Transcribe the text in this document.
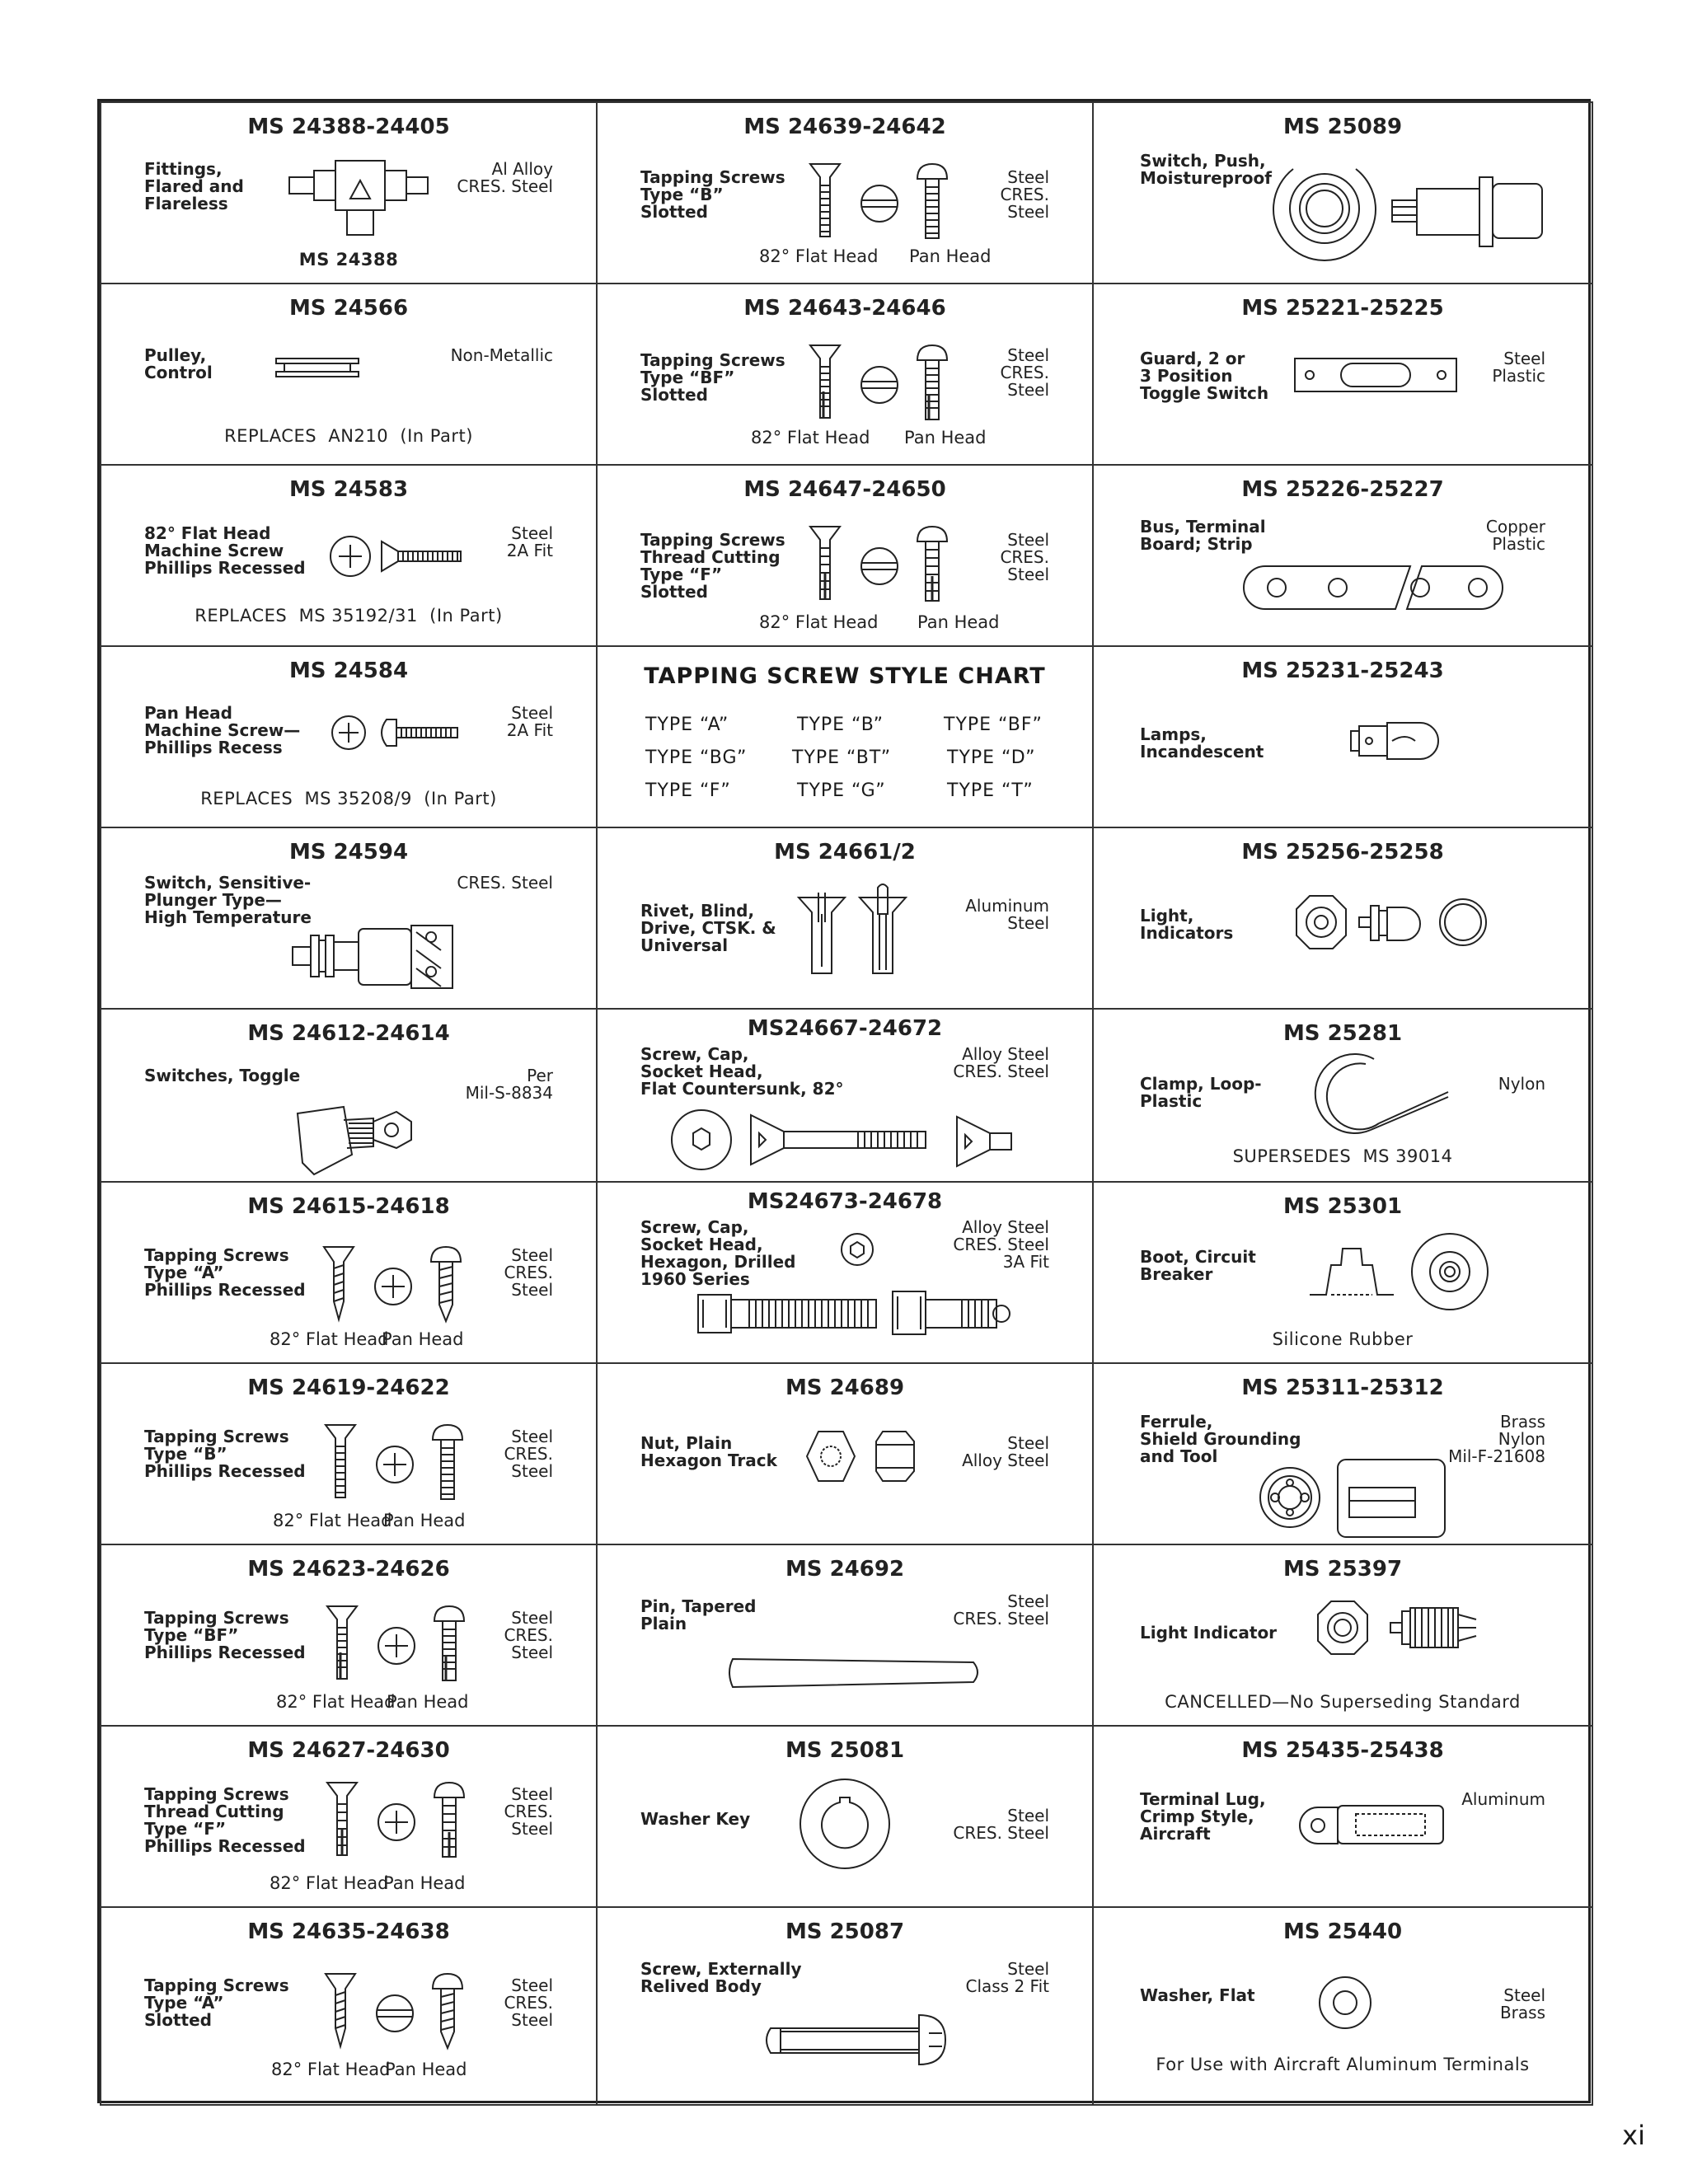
MS 24388-24405
Fittings,
Flared and
Flareless
Al Alloy
CRES. Steel
MS 24388
MS 24566
Pulley,
Control
Non-Metallic
REPLACES  AN210  (In Part)
MS 24583
82° Flat Head
Machine Screw
Phillips Recessed
Steel
2A Fit
REPLACES  MS 35192/31  (In Part)
MS 24584
Pan Head
Machine Screw—
Phillips Recess
Steel
2A Fit
REPLACES  MS 35208/9  (In Part)
MS 24594
Switch, Sensitive-
Plunger Type—
High Temperature
CRES. Steel
MS 24612-24614
Switches, Toggle	Per
Mil-S-8834
MS 24615-24618
Tapping Screws
Type “A”
Phillips Recessed
Steel
CRES.
Steel
82° Flat Head
Pan Head
MS 24619-24622
Tapping Screws
Type “B”
Phillips Recessed
Steel
CRES.
Steel
82° Flat Head
Pan Head
MS 24623-24626
Tapping Screws
Type “BF”
Phillips Recessed
Steel
CRES.
Steel
82° Flat Head
Pan Head
MS 24627-24630
Tapping Screws
Thread Cutting
Type “F”
Phillips Recessed
Steel
CRES.
Steel
82° Flat Head
Pan Head
MS 24635-24638
Tapping Screws
Type “A”
Slotted
Steel
CRES.
Steel
82° Flat Head
Pan Head
MS 24639-24642
Tapping Screws
Type “B”
Slotted
Steel
CRES.
Steel
82° Flat Head Pan Head
MS 24643-24646
Tapping Screws
Type “BF”
Slotted
Steel
CRES.
Steel
82° Flat Head Pan Head
MS 24647-24650
Tapping Screws
Thread Cutting
Type “F”
Slotted
Steel
CRES.
Steel
82° Flat Head Pan Head
TAPPING SCREW STYLE CHART
TYPE “A”	TYPE “B”	TYPE “BF”
TYPE “BG” TYPE “BT”	TYPE “D”
TYPE “F”	TYPE “G”	TYPE “T”
MS 24661/2
Rivet, Blind,
Drive, CTSK. &
Universal
Aluminum
Steel
MS24667-24672
Screw, Cap,
Socket Head,
Flat Countersunk, 82°
Alloy Steel
CRES. Steel
MS24673-24678
Screw, Cap,
Socket Head,
Hexagon, Drilled
1960 Series
Alloy Steel
CRES. Steel
3A Fit
MS 24689
Nut, Plain
Hexagon Track
Steel
Alloy Steel
MS 24692
Pin, Tapered
Plain
Steel
CRES. Steel
MS 25081
Washer Key	Steel
CRES. Steel
MS 25087
Screw, Externally
Relived Body
Steel
Class 2 Fit
MS 25089
Switch, Push,
Moistureproof
MS 25221-25225
Guard, 2 or
3 Position
Toggle Switch
Steel
Plastic
MS 25226-25227
Bus, Terminal
Board; Strip
Copper
Plastic
MS 25231-25243
Lamps,
Incandescent
MS 25256-25258
Light,
Indicators
MS 25281
Clamp, Loop-
Plastic
Nylon
SUPERSEDES  MS 39014
MS 25301
Boot, Circuit
Breaker
Silicone Rubber
MS 25311-25312
Ferrule,
Shield Grounding
and Tool
Brass
Nylon
Mil-F-21608
MS 25397
Light Indicator
CANCELLED—No Superseding Standard
MS 25435-25438
Terminal Lug,
Crimp Style,
Aircraft
Aluminum
MS 25440
Washer, Flat	Steel
Brass
For Use with Aircraft Aluminum Terminals
xi
